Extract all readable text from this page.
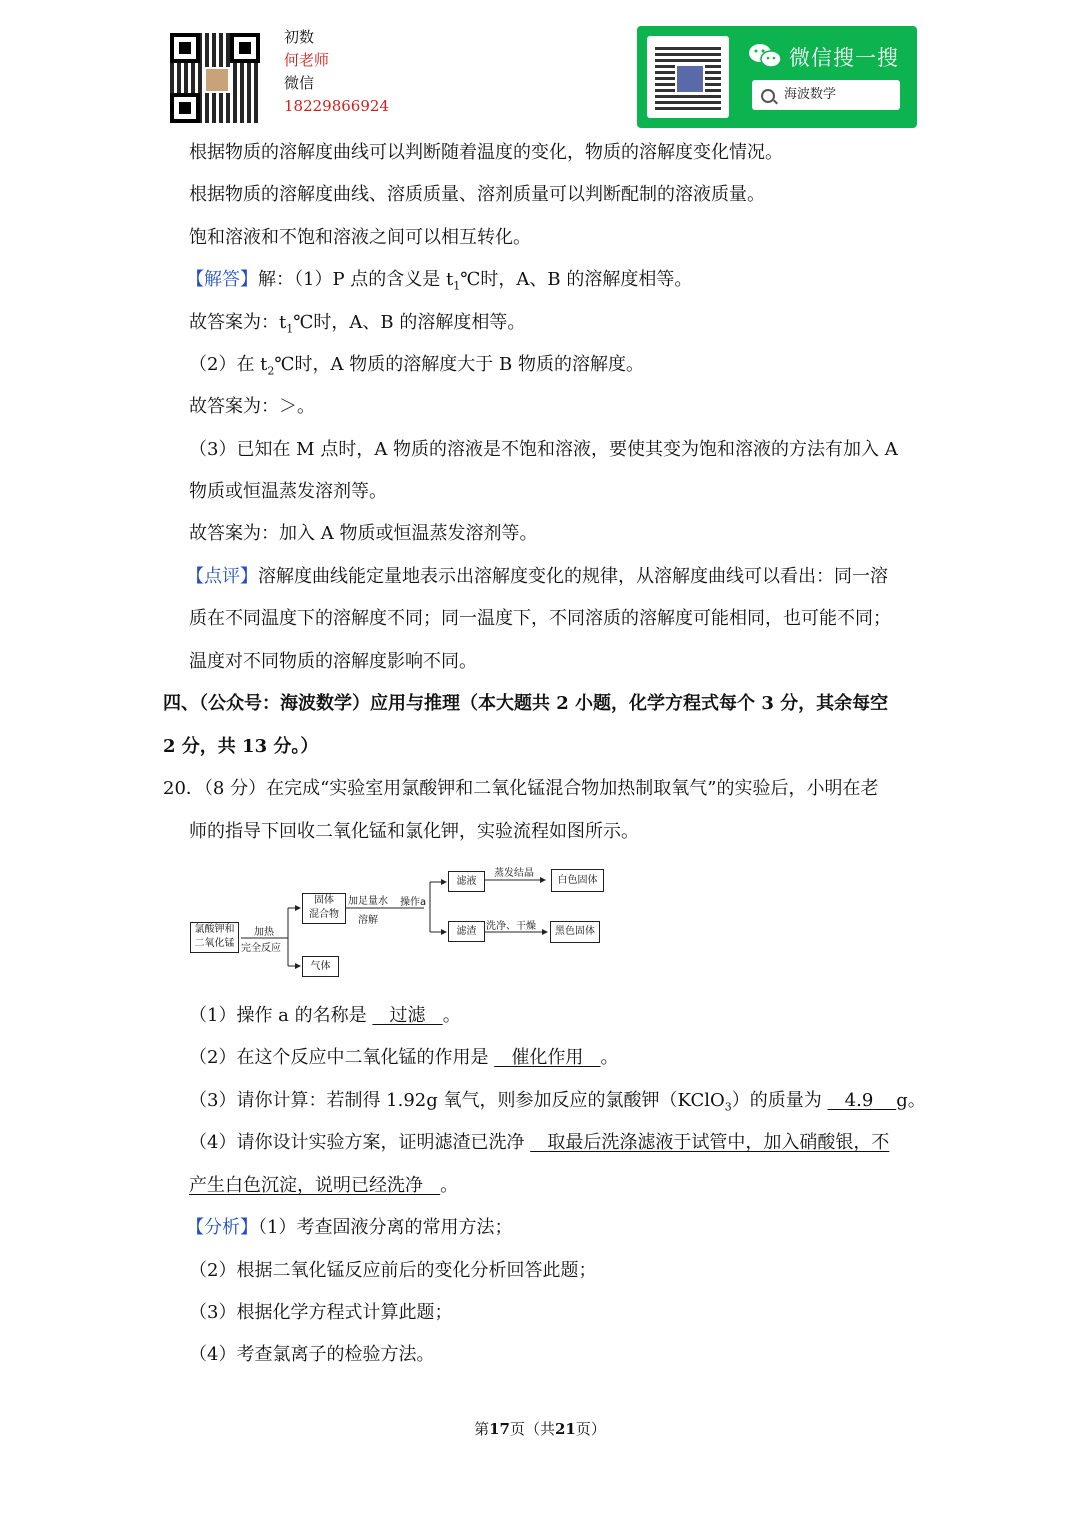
初数
何老师
微信
18229866924
微信搜一搜
海波数学
根据物质的溶解度曲线可以判断随着温度的变化，物质的溶解度变化情况。
根据物质的溶解度曲线、溶质质量、溶剂质量可以判断配制的溶液质量。
饱和溶液和不饱和溶液之间可以相互转化。
【解答】解：（1）P 点的含义是 $t_1℃$时，A、B 的溶解度相等。
故答案为：$t_1℃$时，A、B 的溶解度相等。
（2）在 $t_2℃$时，A 物质的溶解度大于 B 物质的溶解度。
故答案为：＞。
（3）已知在 M 点时，A 物质的溶液是不饱和溶液，要使其变为饱和溶液的方法有加入 A
物质或恒温蒸发溶剂等。
故答案为：加入 A 物质或恒温蒸发溶剂等。
【点评】溶解度曲线能定量地表示出溶解度变化的规律，从溶解度曲线可以看出：同一溶
质在不同温度下的溶解度不同；同一温度下，不同溶质的溶解度可能相同，也可能不同；
温度对不同物质的溶解度影响不同。
四、（公众号：海波数学）应用与推理（本大题共 2 小题，化学方程式每个 3 分，其余每空
2 分，共 13 分。）
20．（8 分）在完成“实验室用氯酸钾和二氧化锰混合物加热制取氧气”的实验后，小明在老
师的指导下回收二氧化锰和氯化钾，实验流程如图所示。
氯酸钾和
二氧化锰
加热
完全反应
固体
混合物
加足量水
溶解
操作a
滤液
蒸发结晶
白色固体
滤渣 洗净、干燥	黑色固体
气体
（1）操作 a 的名称是 过滤 。
（2）在这个反应中二氧化锰的作用是 催化作用 。
（3）请你计算：若制得 1.92g 氧气，则参加反应的氯酸钾（KClO$_3$）的质量为 4.9 g。
（4）请你设计实验方案，证明滤渣已洗净 取最后洗涤滤液于试管中，加入硝酸银，不
产生白色沉淀，说明已经洗净 。
【分析】（1）考查固液分离的常用方法；
（2）根据二氧化锰反应前后的变化分析回答此题；
（3）根据化学方程式计算此题；
（4）考查氯离子的检验方法。
第17页（共21页）
